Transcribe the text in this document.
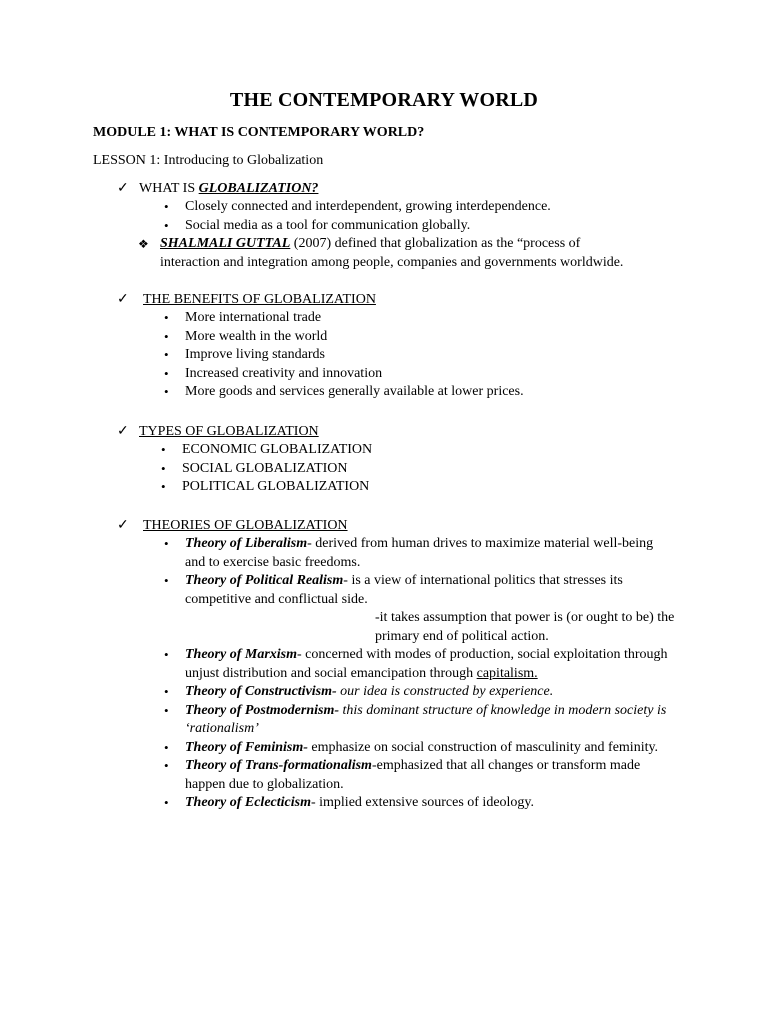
THE CONTEMPORARY WORLD
MODULE 1: WHAT IS CONTEMPORARY WORLD?
LESSON 1: Introducing to Globalization
✓ WHAT IS GLOBALIZATION?
• Closely connected and interdependent, growing interdependence.
• Social media as a tool for communication globally.
❖ SHALMALI GUTTAL (2007) defined that globalization as the “process of
interaction and integration among people, companies and governments worldwide.
✓ THE BENEFITS OF GLOBALIZATION
• More international trade
• More wealth in the world
• Improve living standards
• Increased creativity and innovation
• More goods and services generally available at lower prices.
✓ TYPES OF GLOBALIZATION
• ECONOMIC GLOBALIZATION
• SOCIAL GLOBALIZATION
• POLITICAL GLOBALIZATION
✓ THEORIES OF GLOBALIZATION
• Theory of Liberalism- derived from human drives to maximize material well-being and to exercise basic freedoms.
• Theory of Political Realism- is a view of international politics that stresses its competitive and conflictual side.
-it takes assumption that power is (or ought to be) the primary end of political action.
• Theory of Marxism- concerned with modes of production, social exploitation through unjust distribution and social emancipation through capitalism.
• Theory of Constructivism- our idea is constructed by experience.
• Theory of Postmodernism- this dominant structure of knowledge in modern society is ‘rationalism’
• Theory of Feminism- emphasize on social construction of masculinity and feminity.
• Theory of Trans-formationalism-emphasized that all changes or transform made happen due to globalization.
• Theory of Eclecticism- implied extensive sources of ideology.
